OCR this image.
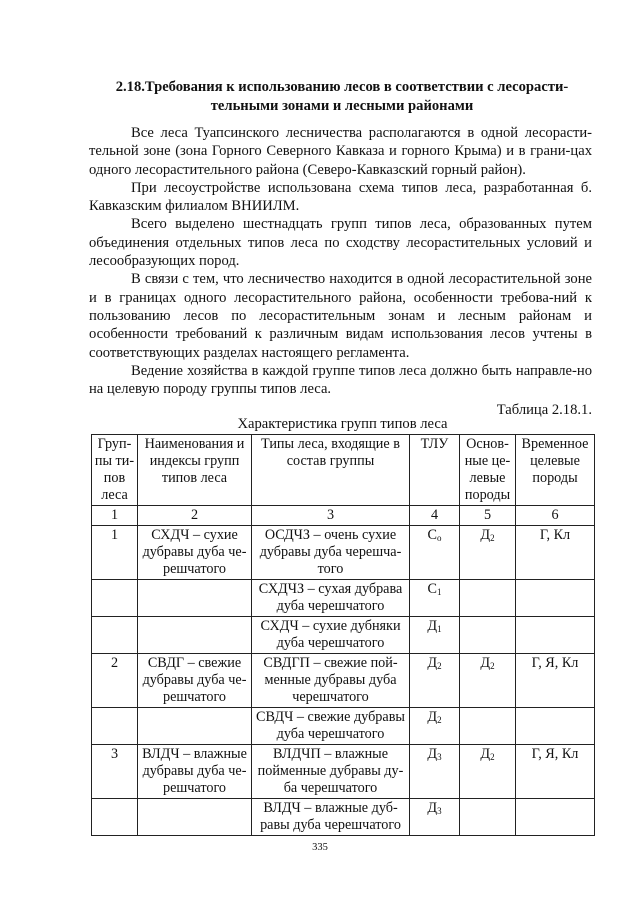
2.18.Требования к использованию лесов в соответствии с лесорасти-
тельными зонами и лесными районами

Все леса Туапсинского лесничества располагаются в одной лесорасти-тельной зоне (зона Горного Северного Кавказа и горного Крыма) и в грани-цах одного лесорастительного района (Северо-Кавказский горный район).

При лесоустройстве использована схема типов леса, разработанная б. Кавказским филиалом ВНИИЛМ.

Всего выделено шестнадцать групп типов леса, образованных путем объединения отдельных типов леса по сходству лесорастительных условий и лесообразующих пород.

В связи с тем, что лесничество находится в одной лесорастительной зоне и в границах одного лесорастительного района, особенности требова-ний к пользованию лесов по лесорастительным зонам и лесным районам и особенности требований к различным видам использования лесов учтены в соответствующих разделах настоящего регламента.

Ведение хозяйства в каждой группе типов леса должно быть направле-но на целевую породу группы типов леса.

Таблица 2.18.1.
Характеристика групп типов леса
Груп-пы ти-пов леса	Наименования и индексы групп типов леса	Типы леса, входящие в состав группы	ТЛУ	Основ-ные це-левые породы	Временное целевые породы
1	2	3	4	5	6
1	СХДЧ – сухие дубравы дуба че-решчатого	ОСДЧЗ – очень сухие дубравы дуба черешча-того	$С_о$	$Д_2$	Г, Кл
		СХДЧЗ – сухая дубрава дуба черешчатого	$С_1$		
		СХДЧ – сухие дубняки дуба черешчатого	$Д_1$		
2	СВДГ – свежие дубравы дуба че-решчатого	СВДГП – свежие пой-менные дубравы дуба черешчатого	$Д_2$	$Д_2$	Г, Я, Кл
		СВДЧ – свежие дубравы дуба черешчатого	$Д_2$		
3	ВЛДЧ – влажные дубравы дуба че-решчатого	ВЛДЧП – влажные пойменные дубравы ду-ба черешчатого	$Д_3$	$Д_2$	Г, Я, Кл
		ВЛДЧ – влажные дуб-равы дуба черешчатого	$Д_3$		
335
